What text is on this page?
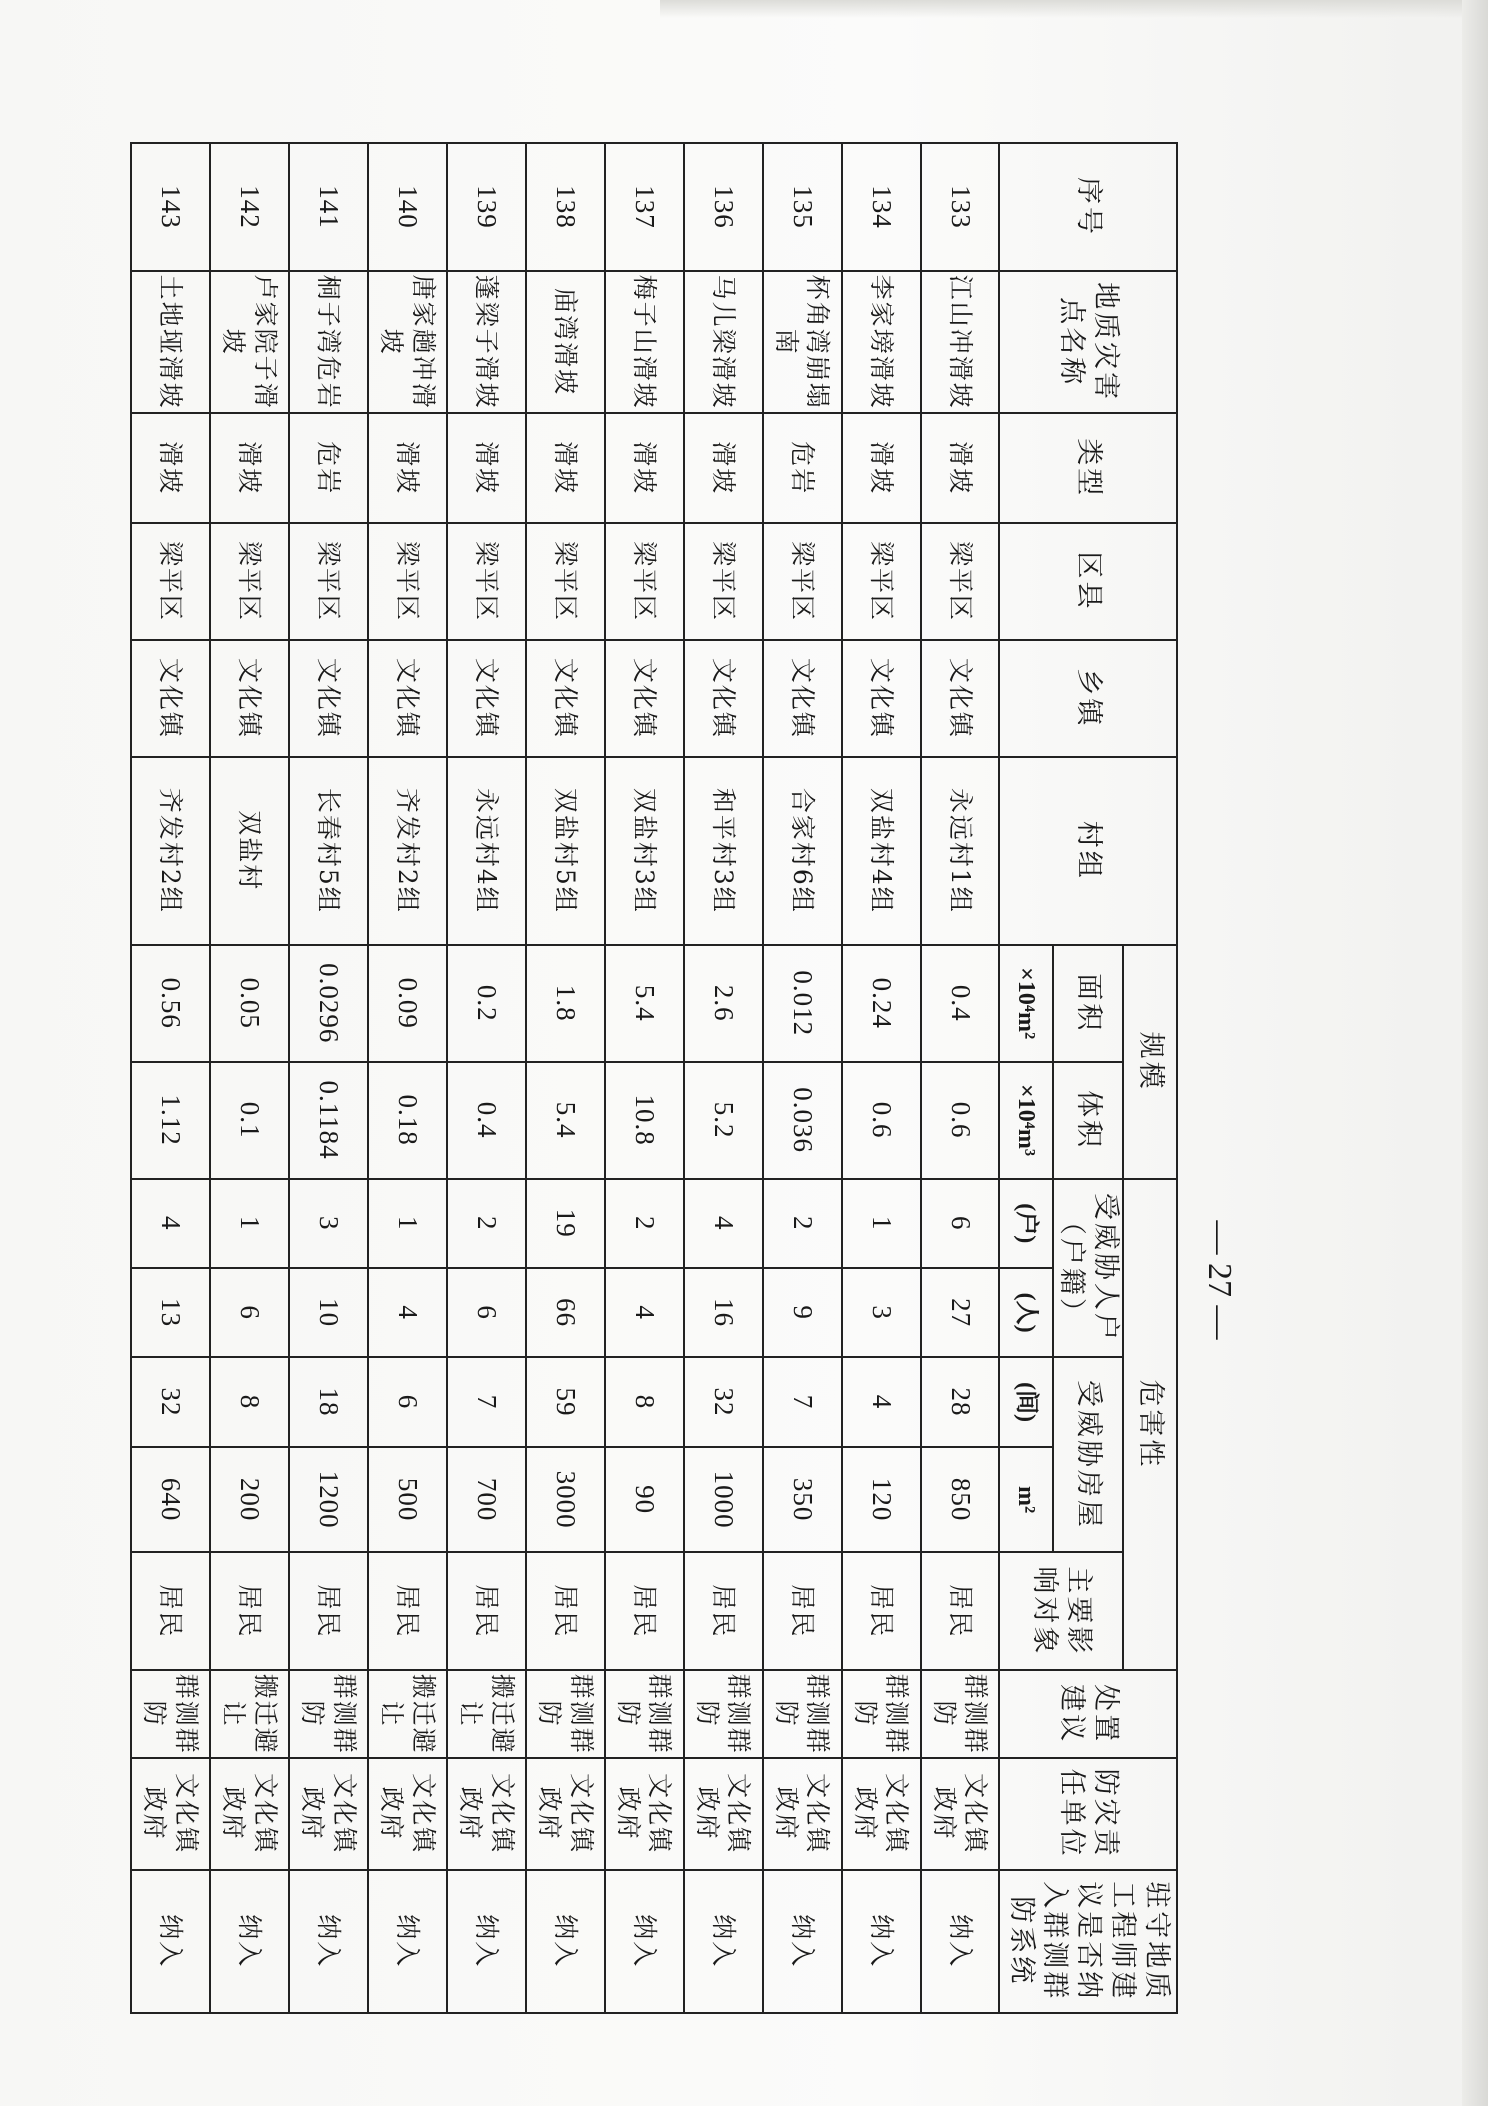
序号	地质灾害点名称	类型	区县	乡镇	村组	规模		危害性					处置建议	防灾责任单位	驻守地质工程师建议是否纳入群测群防系统
						面积	体积	受威胁人户（户籍）		受威胁房屋		主要影响对象			
						×10⁴m²	×10⁴m³	(户)	(人)	(间)	m²				
133	江山冲滑坡	滑坡	梁平区	文化镇	永远村1组	0.4	0.6	6	27	28	850	居民	群测群防	文化镇政府	纳入
134	李家塝滑坡	滑坡	梁平区	文化镇	双盐村4组	0.24	0.6	1	3	4	120	居民	群测群防	文化镇政府	纳入
135	杯角湾崩塌南	危岩	梁平区	文化镇	合家村6组	0.012	0.036	2	9	7	350	居民	群测群防	文化镇政府	纳入
136	马儿梁滑坡	滑坡	梁平区	文化镇	和平村3组	2.6	5.2	4	16	32	1000	居民	群测群防	文化镇政府	纳入
137	梅子山滑坡	滑坡	梁平区	文化镇	双盐村3组	5.4	10.8	2	4	8	90	居民	群测群防	文化镇政府	纳入
138	庙湾滑坡	滑坡	梁平区	文化镇	双盐村5组	1.8	5.4	19	66	59	3000	居民	群测群防	文化镇政府	纳入
139	蓬梁子滑坡	滑坡	梁平区	文化镇	永远村4组	0.2	0.4	2	6	7	700	居民	搬迁避让	文化镇政府	纳入
140	唐家趟冲滑坡	滑坡	梁平区	文化镇	齐发村2组	0.09	0.18	1	4	6	500	居民	搬迁避让	文化镇政府	纳入
141	桐子湾危岩	危岩	梁平区	文化镇	长春村5组	0.0296	0.1184	3	10	18	1200	居民	群测群防	文化镇政府	纳入
142	卢家院子滑坡	滑坡	梁平区	文化镇	双盐村	0.05	0.1	1	6	8	200	居民	搬迁避让	文化镇政府	纳入
143	土地垭滑坡	滑坡	梁平区	文化镇	齐发村2组	0.56	1.12	4	13	32	640	居民	群测群防	文化镇政府	纳入
— 27 —
